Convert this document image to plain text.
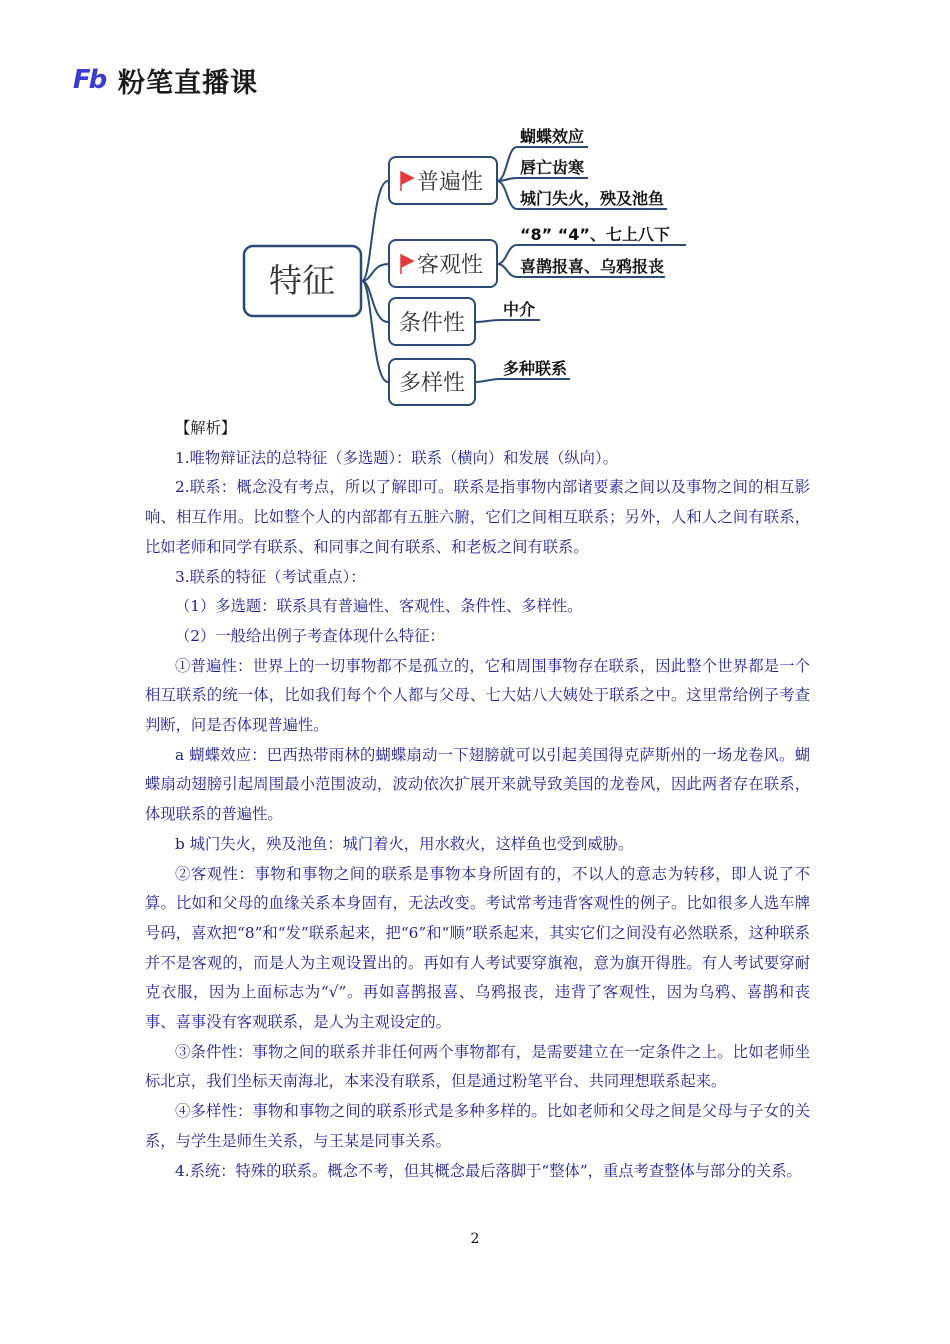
Fb 粉笔直播课
特征
普遍性
客观性
条件性
多样性
蝴蝶效应
唇亡齿寒
城门失火，殃及池鱼
“8” “4”、七上八下
喜鹊报喜、乌鸦报丧
中介
多种联系

【解析】

1.唯物辩证法的总特征（多选题）：联系（横向）和发展（纵向）。

2.联系：概念没有考点，所以了解即可。联系是指事物内部诸要素之间以及事物之间的相互影响、相互作用。比如整个人的内部都有五脏六腑，它们之间相互联系；另外，人和人之间有联系，比如老师和同学有联系、和同事之间有联系、和老板之间有联系。

3.联系的特征（考试重点）：

（1）多选题：联系具有普遍性、客观性、条件性、多样性。

（2）一般给出例子考查体现什么特征：

①普遍性：世界上的一切事物都不是孤立的，它和周围事物存在联系，因此整个世界都是一个相互联系的统一体，比如我们每个个人都与父母、七大姑八大姨处于联系之中。这里常给例子考查判断，问是否体现普遍性。

a 蝴蝶效应：巴西热带雨林的蝴蝶扇动一下翅膀就可以引起美国得克萨斯州的一场龙卷风。蝴蝶扇动翅膀引起周围最小范围波动，波动依次扩展开来就导致美国的龙卷风，因此两者存在联系，体现联系的普遍性。

b 城门失火，殃及池鱼：城门着火，用水救火，这样鱼也受到威胁。

②客观性：事物和事物之间的联系是事物本身所固有的，不以人的意志为转移，即人说了不算。比如和父母的血缘关系本身固有，无法改变。考试常考违背客观性的例子。比如很多人选车牌号码，喜欢把“8”和“发”联系起来，把“6”和“顺”联系起来，其实它们之间没有必然联系，这种联系并不是客观的，而是人为主观设置出的。再如有人考试要穿旗袍，意为旗开得胜。有人考试要穿耐克衣服，因为上面标志为“√”。再如喜鹊报喜、乌鸦报丧，违背了客观性，因为乌鸦、喜鹊和丧事、喜事没有客观联系，是人为主观设定的。

③条件性：事物之间的联系并非任何两个事物都有，是需要建立在一定条件之上。比如老师坐标北京，我们坐标天南海北，本来没有联系，但是通过粉笔平台、共同理想联系起来。

④多样性：事物和事物之间的联系形式是多种多样的。比如老师和父母之间是父母与子女的关系，与学生是师生关系，与王某是同事关系。

4.系统：特殊的联系。概念不考，但其概念最后落脚于“整体”，重点考查整体与部分的关系。

2
